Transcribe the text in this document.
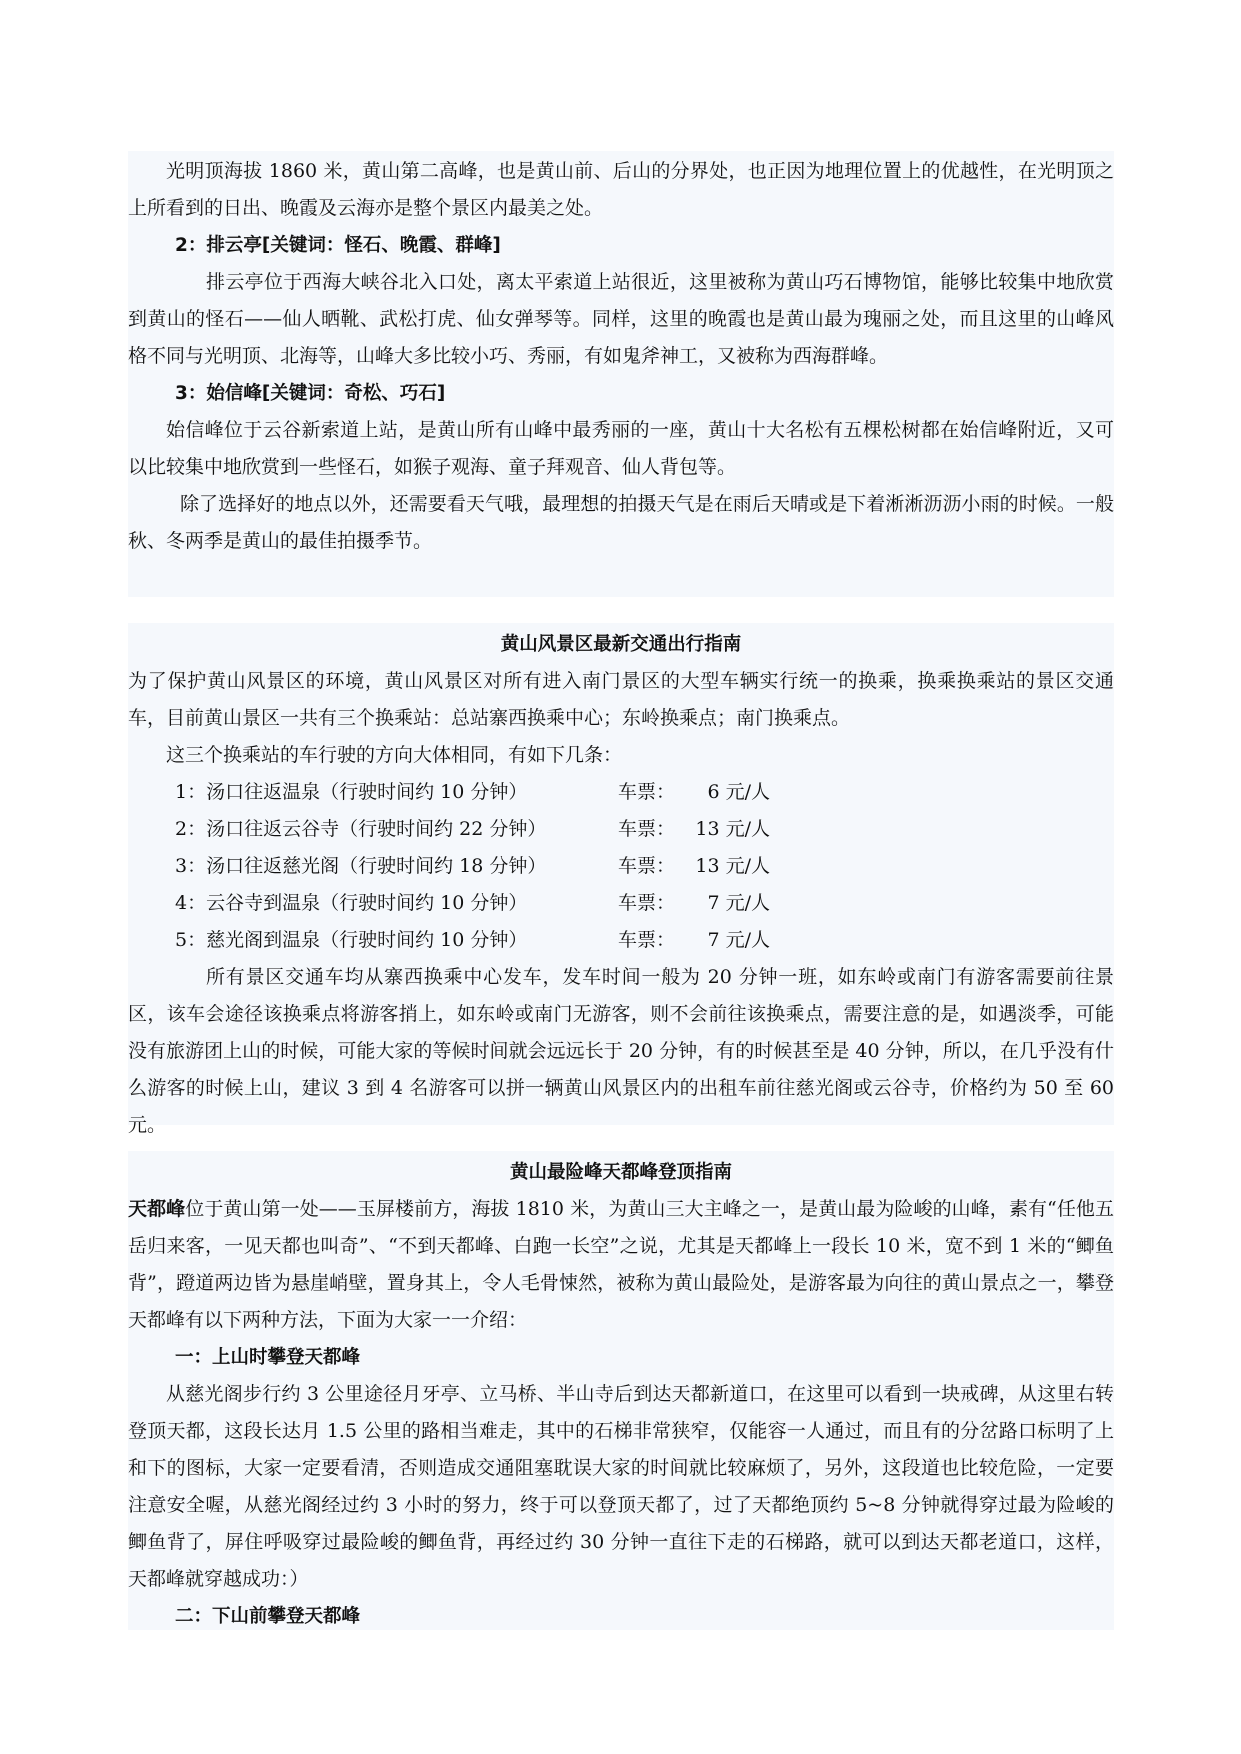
光明顶海拔 1860 米，黄山第二高峰，也是黄山前、后山的分界处，也正因为地理位置上的优越性，在光明顶之上所看到的日出、晚霞及云海亦是整个景区内最美之处。

2：排云亭[关键词：怪石、晚霞、群峰]

排云亭位于西海大峡谷北入口处，离太平索道上站很近，这里被称为黄山巧石博物馆，能够比较集中地欣赏到黄山的怪石——仙人晒靴、武松打虎、仙女弹琴等。同样，这里的晚霞也是黄山最为瑰丽之处，而且这里的山峰风格不同与光明顶、北海等，山峰大多比较小巧、秀丽，有如鬼斧神工，又被称为西海群峰。

3：始信峰[关键词：奇松、巧石]

始信峰位于云谷新索道上站，是黄山所有山峰中最秀丽的一座，黄山十大名松有五棵松树都在始信峰附近，又可以比较集中地欣赏到一些怪石，如猴子观海、童子拜观音、仙人背包等。

除了选择好的地点以外，还需要看天气哦，最理想的拍摄天气是在雨后天晴或是下着淅淅沥沥小雨的时候。一般秋、冬两季是黄山的最佳拍摄季节。

黄山风景区最新交通出行指南

为了保护黄山风景区的环境，黄山风景区对所有进入南门景区的大型车辆实行统一的换乘，换乘换乘站的景区交通车，目前黄山景区一共有三个换乘站：总站寨西换乘中心；东岭换乘点；南门换乘点。

这三个换乘站的车行驶的方向大体相同，有如下几条：

1：汤口往返温泉（行驶时间约 10 分钟）	车票：	6 元/人
2：汤口往返云谷寺（行驶时间约 22 分钟）	车票：	13 元/人
3：汤口往返慈光阁（行驶时间约 18 分钟）	车票：	13 元/人
4：云谷寺到温泉（行驶时间约 10 分钟）	车票：	7 元/人
5：慈光阁到温泉（行驶时间约 10 分钟）	车票：	7 元/人

所有景区交通车均从寨西换乘中心发车，发车时间一般为 20 分钟一班，如东岭或南门有游客需要前往景区，该车会途径该换乘点将游客捎上，如东岭或南门无游客，则不会前往该换乘点，需要注意的是，如遇淡季，可能没有旅游团上山的时候，可能大家的等候时间就会远远长于 20 分钟，有的时候甚至是 40 分钟，所以，在几乎没有什么游客的时候上山，建议 3 到 4 名游客可以拼一辆黄山风景区内的出租车前往慈光阁或云谷寺，价格约为 50 至 60 元。

黄山最险峰天都峰登顶指南

天都峰位于黄山第一处——玉屏楼前方，海拔 1810 米，为黄山三大主峰之一，是黄山最为险峻的山峰，素有“任他五岳归来客，一见天都也叫奇”、“不到天都峰、白跑一长空”之说，尤其是天都峰上一段长 10 米，宽不到 1 米的“鲫鱼背”，蹬道两边皆为悬崖峭壁，置身其上，令人毛骨悚然，被称为黄山最险处，是游客最为向往的黄山景点之一，攀登天都峰有以下两种方法，下面为大家一一介绍：

一：上山时攀登天都峰

从慈光阁步行约 3 公里途径月牙亭、立马桥、半山寺后到达天都新道口，在这里可以看到一块戒碑，从这里右转登顶天都，这段长达月 1.5 公里的路相当难走，其中的石梯非常狭窄，仅能容一人通过，而且有的分岔路口标明了上和下的图标，大家一定要看清，否则造成交通阻塞耽误大家的时间就比较麻烦了，另外，这段道也比较危险，一定要注意安全喔，从慈光阁经过约 3 小时的努力，终于可以登顶天都了，过了天都绝顶约 5~8 分钟就得穿过最为险峻的鲫鱼背了，屏住呼吸穿过最险峻的鲫鱼背，再经过约 30 分钟一直往下走的石梯路，就可以到达天都老道口，这样，天都峰就穿越成功：）

二：下山前攀登天都峰
